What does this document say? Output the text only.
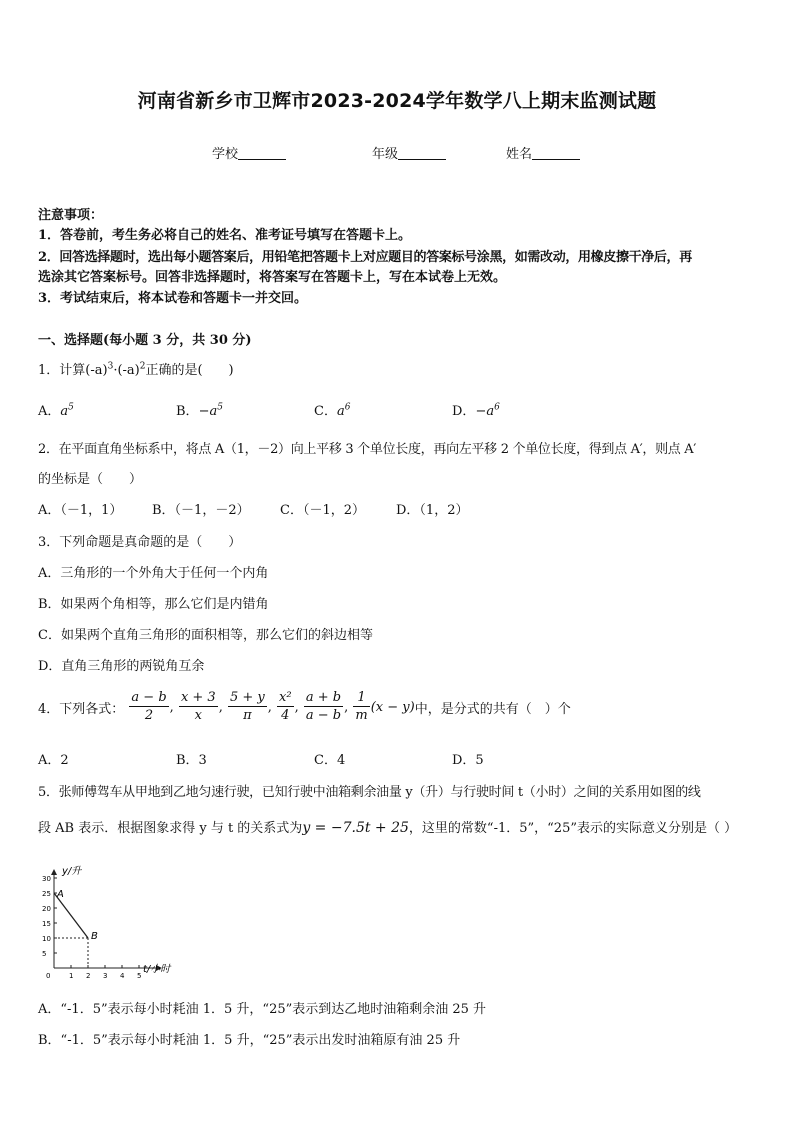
河南省新乡市卫辉市2023-2024学年数学八上期末监测试题
学校	年级	姓名
注意事项：
1．答卷前，考生务必将自己的姓名、准考证号填写在答题卡上。
2．回答选择题时，选出每小题答案后，用铅笔把答题卡上对应题目的答案标号涂黑，如需改动，用橡皮擦干净后，再
选涂其它答案标号。回答非选择题时，将答案写在答题卡上，写在本试卷上无效。
3．考试结束后，将本试卷和答题卡一并交回。
一、选择题(每小题 3 分，共 30 分)
1．计算$(-a)^3\cdot(-a)^2$正确的是(　　)
A．$a^5$	B．$-a^5$	C．$a^6$	D．$-a^6$
2．在平面直角坐标系中，将点 A（1，－2）向上平移 3 个单位长度，再向左平移 2 个单位长度，得到点 A′，则点 A′
的坐标是（　　）
A．（－1，1） B．（－1，－2） C．（－1，2） D．（1，2）
3．下列命题是真命题的是（　　）
A．三角形的一个外角大于任何一个内角
B．如果两个角相等，那么它们是内错角
C．如果两个直角三角形的面积相等，那么它们的斜边相等
D．直角三角形的两锐角互余
4．下列各式： $\frac{a - b}{2}$ , $\frac{x + 3}{x}$ , $\frac{5 + y}{\pi}$ , $\frac{\text{x²}}{4}$ , $\frac{a + b}{a - b}$ , $\frac{1}{m} (x - y)$中，是分式的共有（　）个
A．2	B．3	C．4	D．5
5．张师傅驾车从甲地到乙地匀速行驶，已知行驶中油箱剩余油量 y（升）与行驶时间 t（小时）之间的关系用如图的线
段 AB 表示．根据图象求得 y 与 t 的关系式为y = −7.5t + 25，这里的常数“-1．5”，“25”表示的实际意义分别是（ ）
y/升
t/小时
0	1 2 3 4 5
5
10
15
20
25
30
A
B
A．“-1．5”表示每小时耗油 1．5 升，“25”表示到达乙地时油箱剩余油 25 升
B．“-1．5”表示每小时耗油 1．5 升，“25”表示出发时油箱原有油 25 升
